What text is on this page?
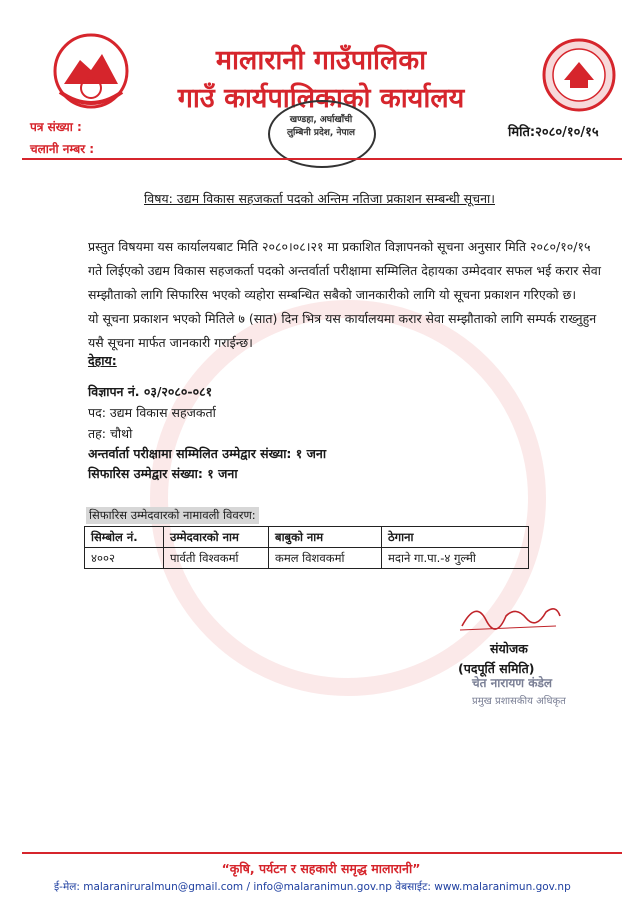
मालारानी गाउँपालिका
गाउँ कार्यपालिकाको कार्यालय
पत्र संख्या :
चलानी नम्बर :
मिति:२०८०/१०/१५
खण्डहा, अर्घाखाँची
लुम्बिनी प्रदेश, नेपाल
विषय: उद्यम विकास सहजकर्ता पदको अन्तिम नतिजा प्रकाशन सम्बन्धी सूचना।
प्रस्तुत विषयमा यस कार्यालयबाट मिति २०८०।०८।२१ मा प्रकाशित विज्ञापनको सूचना अनुसार मिति २०८०/१०/१५ गते लिईएको उद्यम विकास सहजकर्ता पदको अन्तर्वार्ता परीक्षामा सम्मिलित देहायका उम्मेदवार सफल भई करार सेवा सम्झौताको लागि सिफारिस भएको व्यहोरा सम्बन्धित सबैको जानकारीको लागि यो सूचना प्रकाशन गरिएको छ।
यो सूचना प्रकाशन भएको मितिले ७ (सात) दिन भित्र यस कार्यालयमा करार सेवा सम्झौताको लागि सम्पर्क राख्नुहुन यसै सूचना मार्फत जानकारी गराईन्छ।
देहाय:
विज्ञापन नं. ०३/२०८०-०८१
पद: उद्यम विकास सहजकर्ता
तह: चौथो
अन्तर्वार्ता परीक्षामा सम्मिलित उम्मेद्वार संख्या: १ जना
सिफारिस उम्मेद्वार संख्या: १ जना
सिफारिस उम्मेदवारको नामावली विवरण:
सिम्बोल नं.	उम्मेदवारको नाम	बाबुको नाम	ठेगाना
४००२	पार्वती विश्वकर्मा	कमल विशवकर्मा	मदाने गा.पा.-४ गुल्मी
संयोजक
(पदपूर्ति समिति)
चेत नारायण कंडेल
प्रमुख प्रशासकीय अधिकृत
“कृषि, पर्यटन र सहकारी समृद्ध मालारानी”
ई-मेल: malaraniruralmun@gmail.com / info@malaranimun.gov.np वेबसाईट: www.malaranimun.gov.np
